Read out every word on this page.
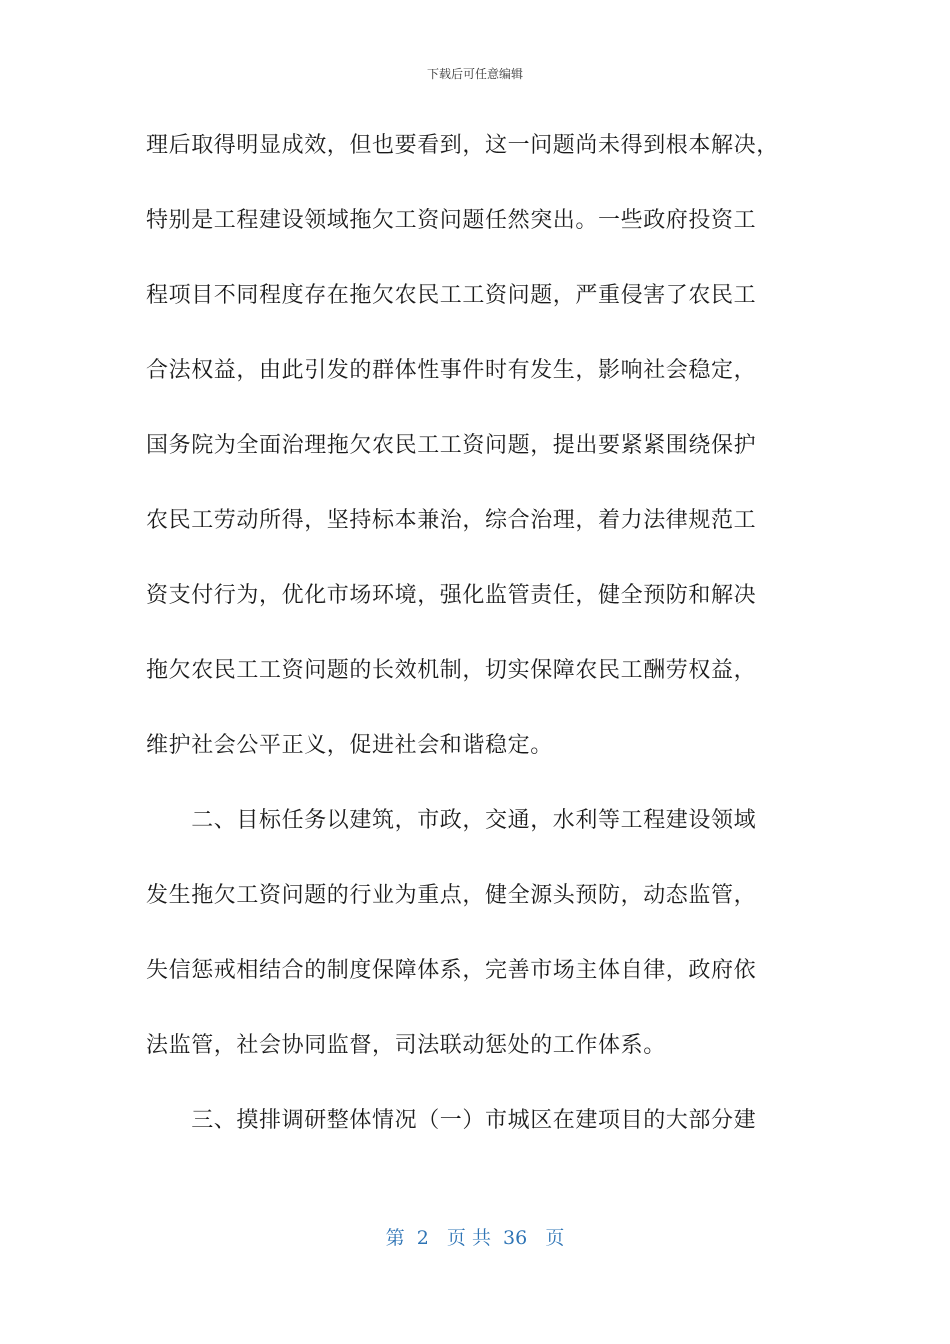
下载后可任意编辑
理后取得明显成效，但也要看到，这一问题尚未得到根本解决，
特别是工程建设领域拖欠工资问题任然突出。一些政府投资工
程项目不同程度存在拖欠农民工工资问题，严重侵害了农民工
合法权益，由此引发的群体性事件时有发生，影响社会稳定，
国务院为全面治理拖欠农民工工资问题，提出要紧紧围绕保护
农民工劳动所得，坚持标本兼治，综合治理，着力法律规范工
资支付行为，优化市场环境，强化监管责任，健全预防和解决
拖欠农民工工资问题的长效机制，切实保障农民工酬劳权益，
维护社会公平正义，促进社会和谐稳定。
　　二、目标任务以建筑，市政，交通，水利等工程建设领域
发生拖欠工资问题的行业为重点，健全源头预防，动态监管，
失信惩戒相结合的制度保障体系，完善市场主体自律，政府依
法监管，社会协同监督，司法联动惩处的工作体系。
　　三、摸排调研整体情况（一）市城区在建项目的大部分建
第  2   页 共  36   页
